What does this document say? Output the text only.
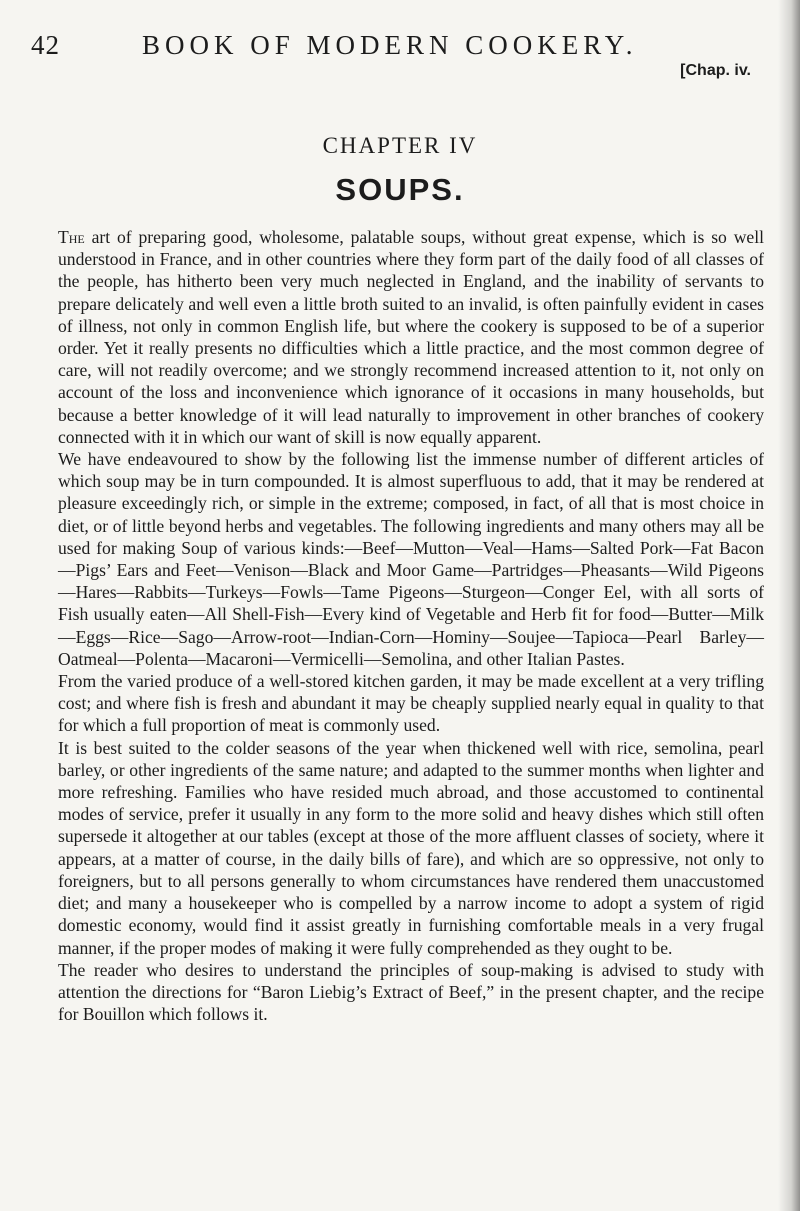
42	BOOK OF MODERN COOKERY.
[Chap. iv.
CHAPTER IV
SOUPS.

The art of preparing good, wholesome, palatable soups, without great expense, which is so well understood in France, and in other countries where they form part of the daily food of all classes of the people, has hitherto been very much neglected in England, and the inability of servants to prepare delicately and well even a little broth suited to an invalid, is often painfully evident in cases of illness, not only in common English life, but where the cookery is supposed to be of a superior order. Yet it really presents no difficulties which a little practice, and the most common degree of care, will not readily overcome; and we strongly recommend increased attention to it, not only on account of the loss and inconvenience which ignorance of it occasions in many households, but because a better knowledge of it will lead naturally to improvement in other branches of cookery connected with it in which our want of skill is now equally apparent.

We have endeavoured to show by the following list the immense number of different articles of which soup may be in turn compounded. It is almost superfluous to add, that it may be rendered at pleasure exceedingly rich, or simple in the extreme; composed, in fact, of all that is most choice in diet, or of little beyond herbs and vegetables. The following ingredients and many others may all be used for making Soup of various kinds:—Beef—Mutton—Veal—Hams—Salted Pork—Fat Bacon—Pigs’ Ears and Feet—Venison—Black and Moor Game—Partridges—Pheasants—Wild Pigeons—Hares—Rabbits—Turkeys—Fowls—Tame Pigeons—Sturgeon—Conger Eel, with all sorts of Fish usually eaten—All Shell-Fish—Every kind of Vegetable and Herb fit for food—Butter—Milk—Eggs—Rice—Sago—Arrow-root—Indian-Corn—Hominy—Soujee—Tapioca—Pearl Barley—Oatmeal—Polenta—Macaroni—Vermicelli—Semolina, and other Italian Pastes.

From the varied produce of a well-stored kitchen garden, it may be made excellent at a very trifling cost; and where fish is fresh and abundant it may be cheaply supplied nearly equal in quality to that for which a full proportion of meat is commonly used.

It is best suited to the colder seasons of the year when thickened well with rice, semolina, pearl barley, or other ingredients of the same nature; and adapted to the summer months when lighter and more refreshing. Families who have resided much abroad, and those accustomed to continental modes of service, prefer it usually in any form to the more solid and heavy dishes which still often supersede it altogether at our tables (except at those of the more affluent classes of society, where it appears, at a matter of course, in the daily bills of fare), and which are so oppressive, not only to foreigners, but to all persons generally to whom circumstances have rendered them unaccustomed diet; and many a housekeeper who is compelled by a narrow income to adopt a system of rigid domestic economy, would find it assist greatly in furnishing comfortable meals in a very frugal manner, if the proper modes of making it were fully comprehended as they ought to be.

The reader who desires to understand the principles of soup-making is advised to study with attention the directions for “Baron Liebig’s Extract of Beef,” in the present chapter, and the recipe for Bouillon which follows it.
